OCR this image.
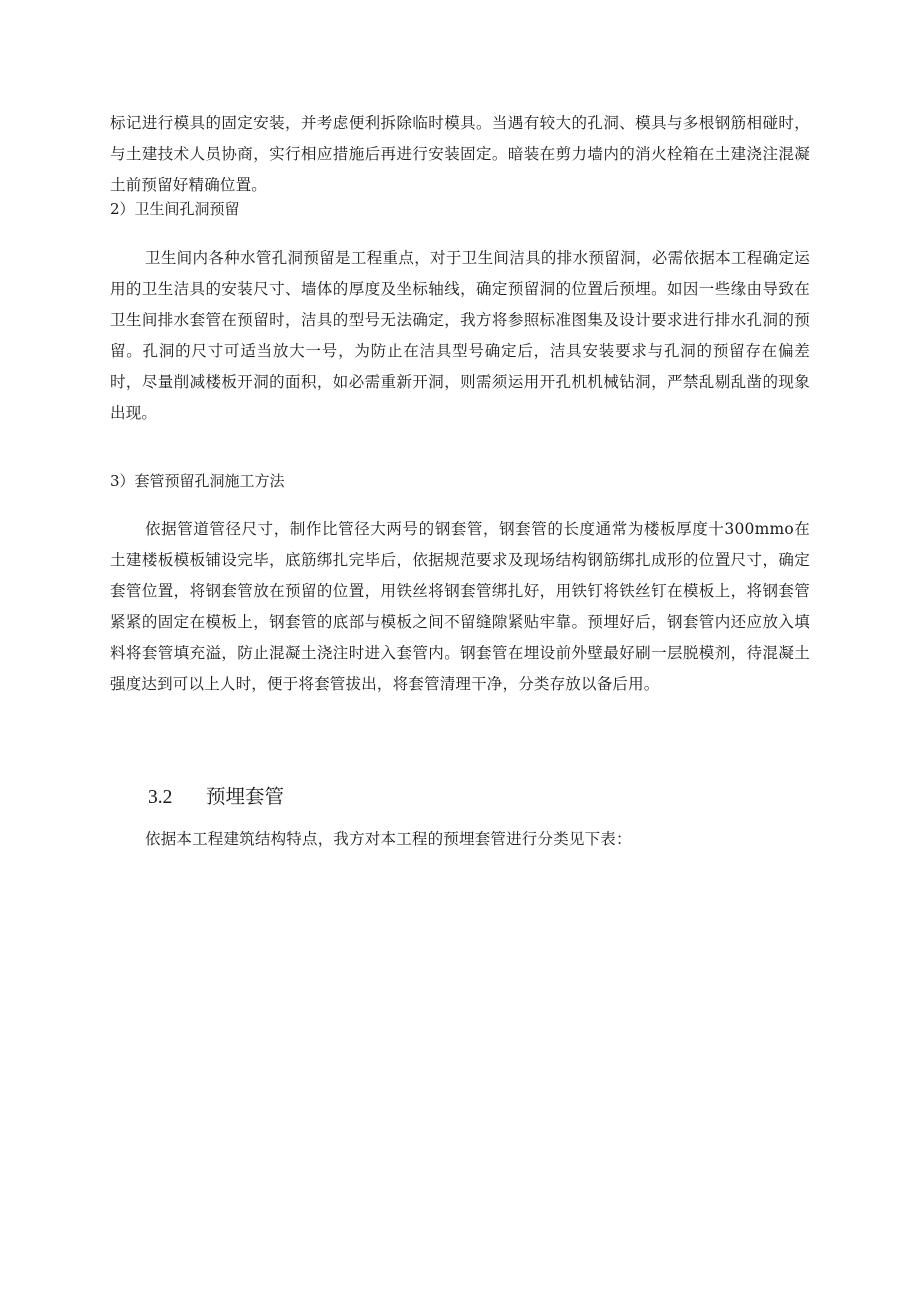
标记进行模具的固定安装，并考虑便利拆除临时模具。当遇有较大的孔洞、模具与多根钢筋相碰时，与土建技术人员协商，实行相应措施后再进行安装固定。暗装在剪力墙内的消火栓箱在土建浇注混凝土前预留好精确位置。

2）卫生间孔洞预留

卫生间内各种水管孔洞预留是工程重点，对于卫生间洁具的排水预留洞，必需依据本工程确定运用的卫生洁具的安装尺寸、墙体的厚度及坐标轴线，确定预留洞的位置后预埋。如因一些缘由导致在卫生间排水套管在预留时，洁具的型号无法确定，我方将参照标准图集及设计要求进行排水孔洞的预留。孔洞的尺寸可适当放大一号，为防止在洁具型号确定后，洁具安装要求与孔洞的预留存在偏差时，尽量削减楼板开洞的面积，如必需重新开洞，则需须运用开孔机机械钻洞，严禁乱剔乱凿的现象出现。

3）套管预留孔洞施工方法

依据管道管径尺寸，制作比管径大两号的钢套管，钢套管的长度通常为楼板厚度十300mmo在土建楼板模板铺设完毕，底筋绑扎完毕后，依据规范要求及现场结构钢筋绑扎成形的位置尺寸，确定套管位置，将钢套管放在预留的位置，用铁丝将钢套管绑扎好，用铁钉将铁丝钉在模板上，将钢套管紧紧的固定在模板上，钢套管的底部与模板之间不留缝隙紧贴牢靠。预埋好后，钢套管内还应放入填料将套管填充溢，防止混凝土浇注时进入套管内。钢套管在埋设前外壁最好刷一层脱模剂，待混凝土强度达到可以上人时，便于将套管拔出，将套管清理干净，分类存放以备后用。

3.2 预埋套管

依据本工程建筑结构特点，我方对本工程的预埋套管进行分类见下表：
